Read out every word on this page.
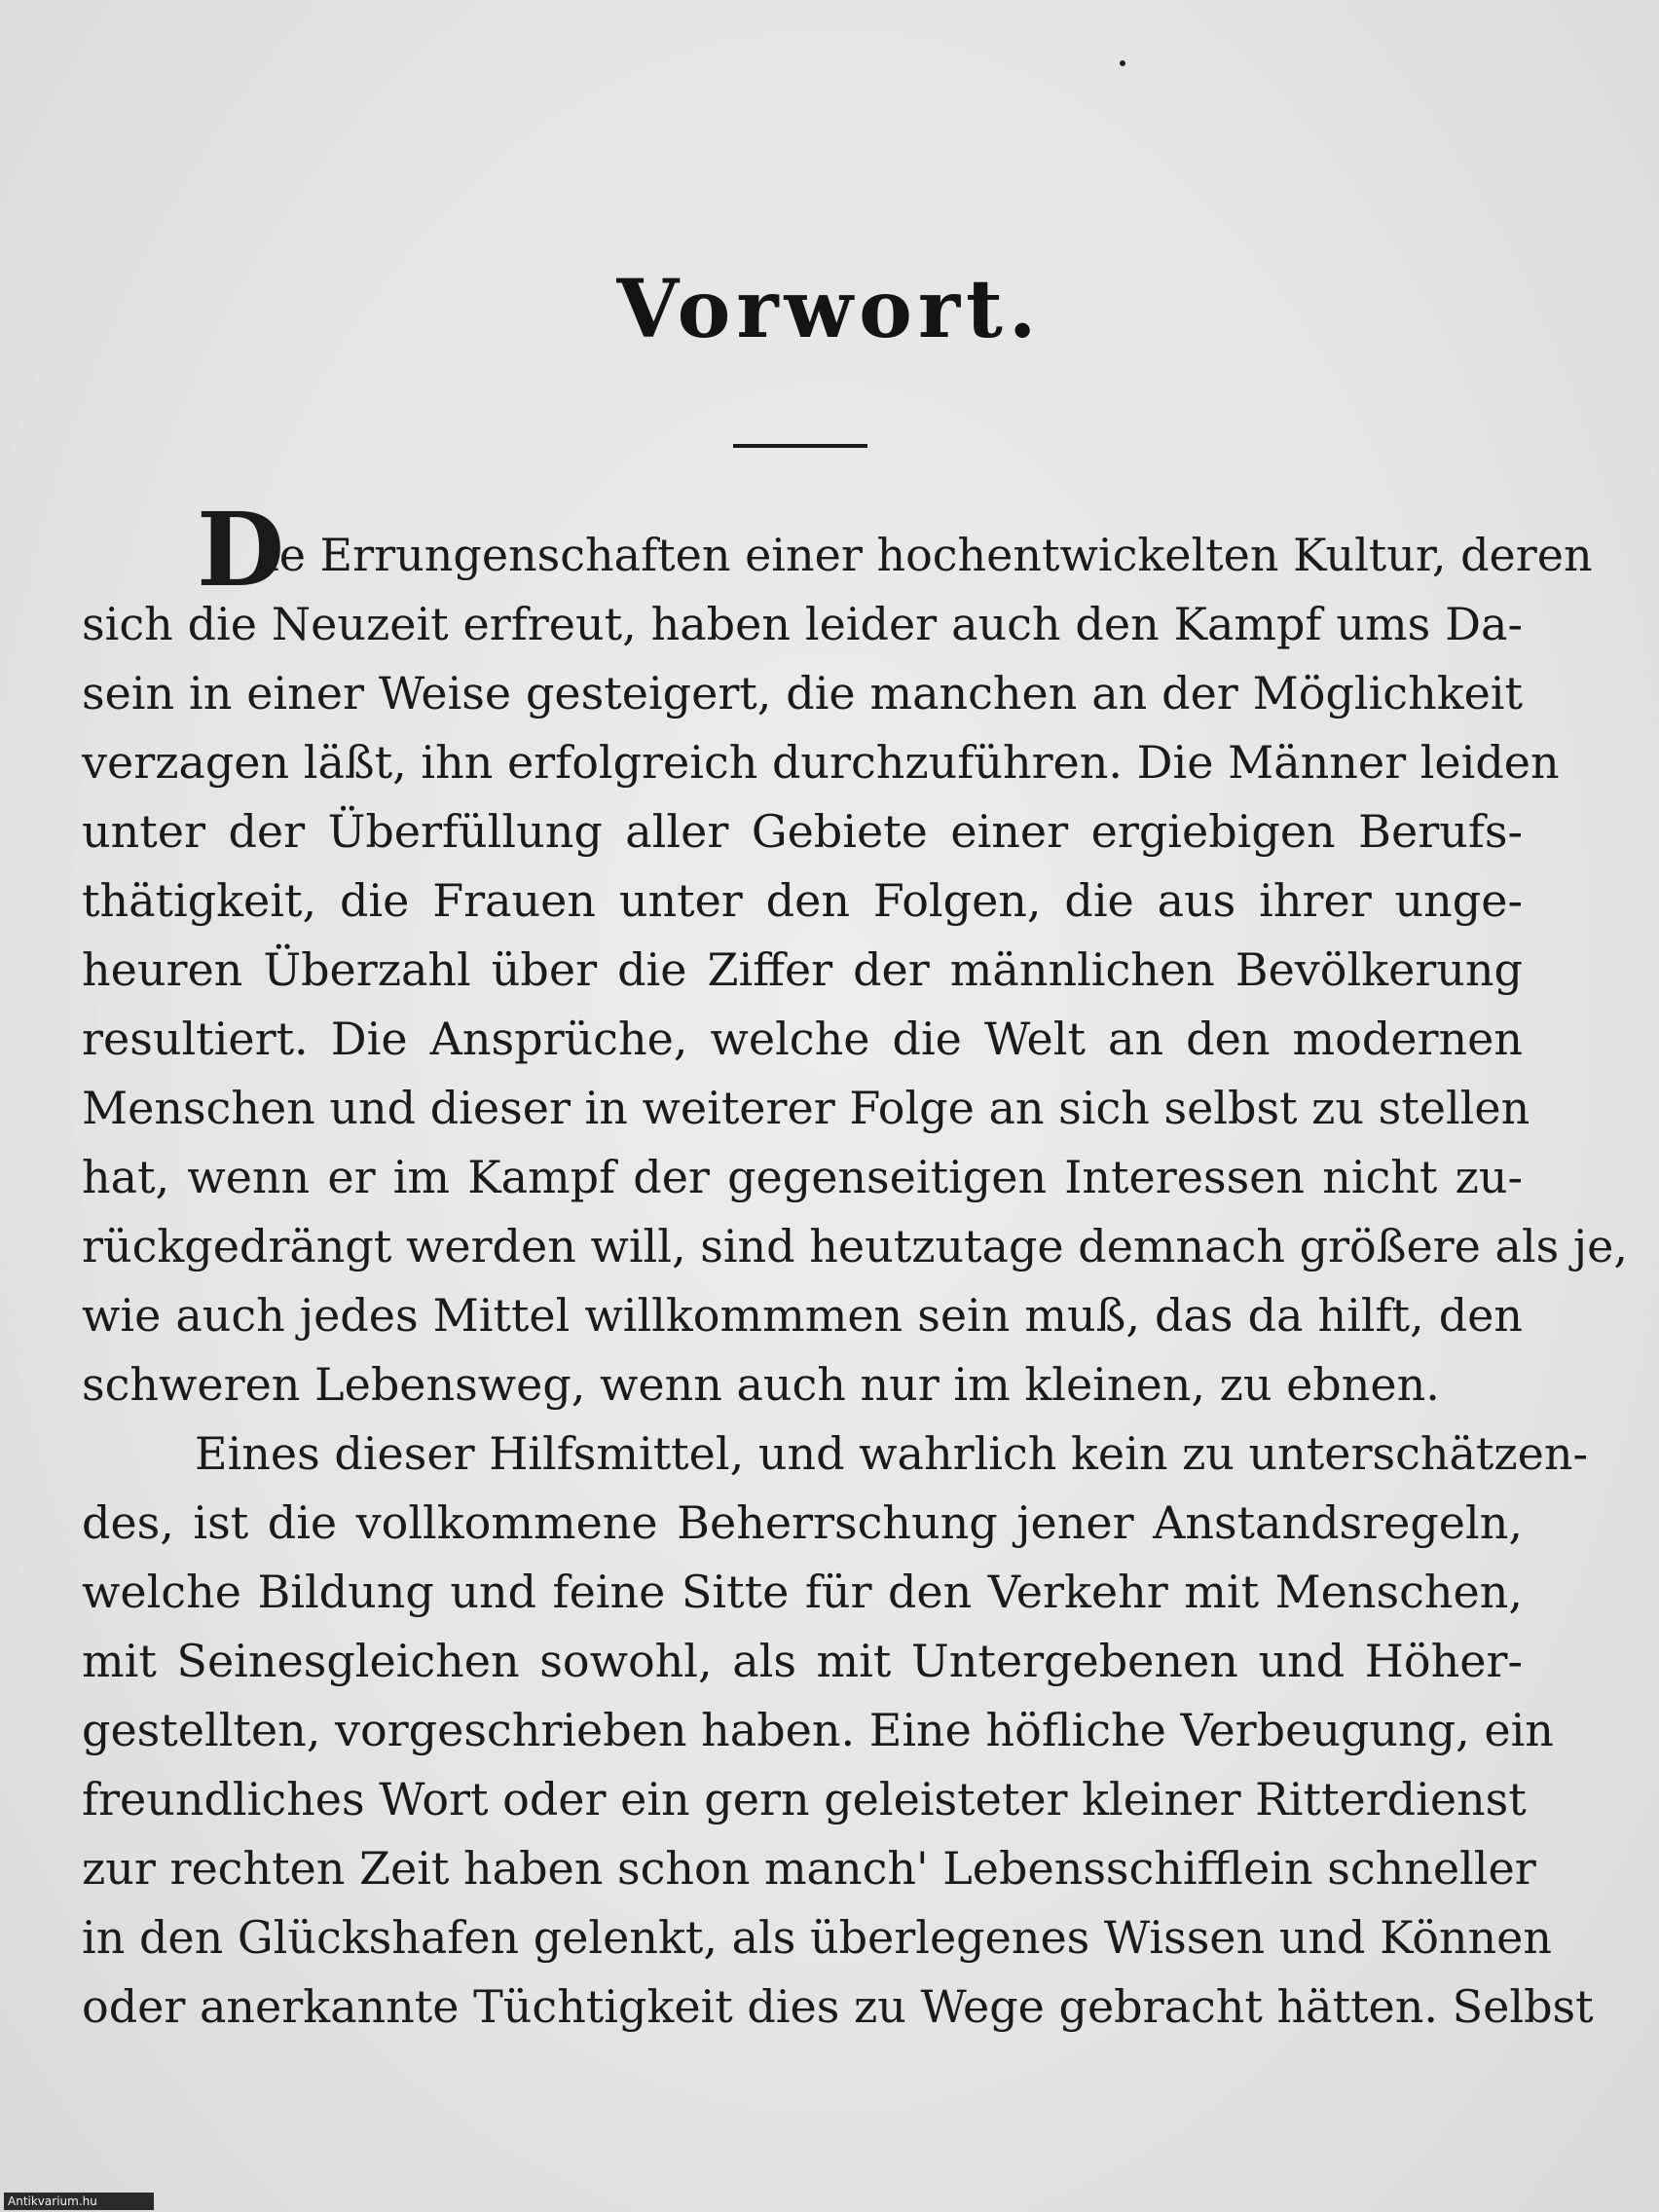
Vorwort.
D
ie Errungenschaften einer hochentwickelten Kultur, deren
sich die Neuzeit erfreut, haben leider auch den Kampf ums Da-
sein in einer Weise gesteigert, die manchen an der Möglichkeit
verzagen läßt, ihn erfolgreich durchzuführen. Die Männer leiden
unter der Überfüllung aller Gebiete einer ergiebigen Berufs-
thätigkeit, die Frauen unter den Folgen, die aus ihrer unge-
heuren Überzahl über die Ziffer der männlichen Bevölkerung
resultiert. Die Ansprüche, welche die Welt an den modernen
Menschen und dieser in weiterer Folge an sich selbst zu stellen
hat, wenn er im Kampf der gegenseitigen Interessen nicht zu-
rückgedrängt werden will, sind heutzutage demnach größere als je,
wie auch jedes Mittel willkommmen sein muß, das da hilft, den
schweren Lebensweg, wenn auch nur im kleinen, zu ebnen.
Eines dieser Hilfsmittel, und wahrlich kein zu unterschätzen-
des, ist die vollkommene Beherrschung jener Anstandsregeln,
welche Bildung und feine Sitte für den Verkehr mit Menschen,
mit Seinesgleichen sowohl, als mit Untergebenen und Höher-
gestellten, vorgeschrieben haben. Eine höfliche Verbeugung, ein
freundliches Wort oder ein gern geleisteter kleiner Ritterdienst
zur rechten Zeit haben schon manch' Lebensschifflein schneller
in den Glückshafen gelenkt, als überlegenes Wissen und Können
oder anerkannte Tüchtigkeit dies zu Wege gebracht hätten. Selbst
Antikvarium.hu
